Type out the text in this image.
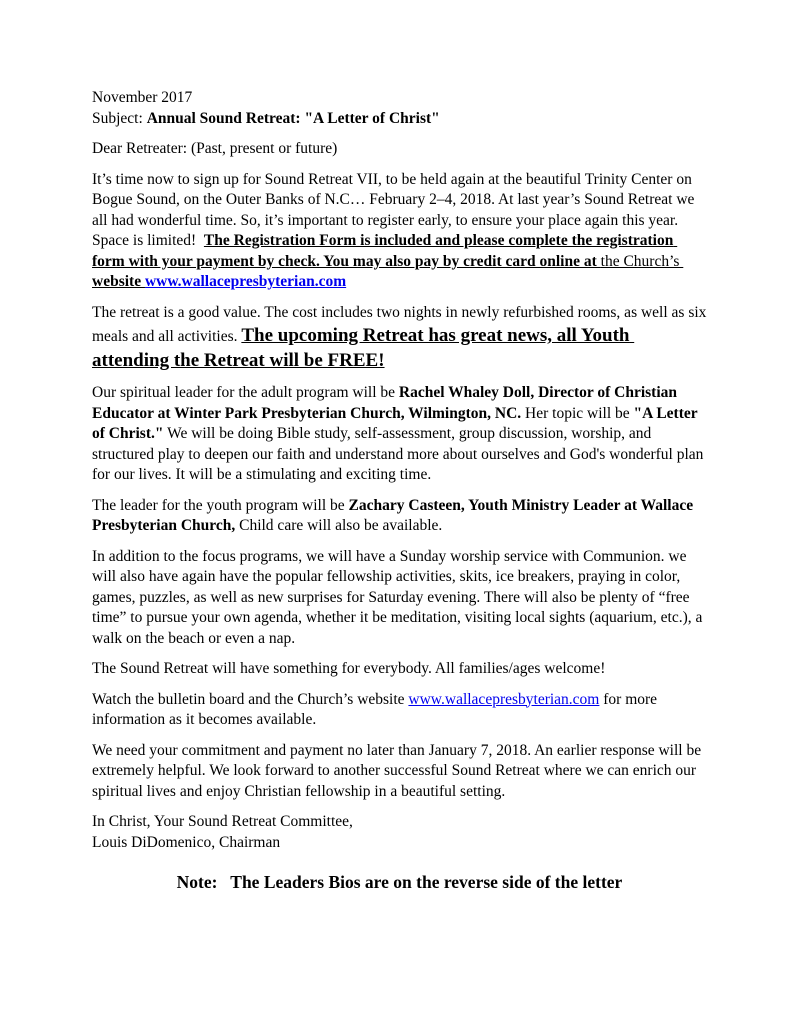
November 2017
Subject: Annual Sound Retreat: "A Letter of Christ"

Dear Retreater: (Past, present or future)

It’s time now to sign up for Sound Retreat VII, to be held again at the beautiful Trinity Center on Bogue Sound, on the Outer Banks of N.C… February 2–4, 2018. At last year’s Sound Retreat we all had wonderful time. So, it’s important to register early, to ensure your place again this year. Space is limited!  The Registration Form is included and please complete the registration form with your payment by check. You may also pay by credit card online at the Church’s website www.wallacepresbyterian.com

The retreat is a good value. The cost includes two nights in newly refurbished rooms, as well as six meals and all activities. The upcoming Retreat has great news, all Youth attending the Retreat will be FREE!

Our spiritual leader for the adult program will be Rachel Whaley Doll, Director of Christian Educator at Winter Park Presbyterian Church, Wilmington, NC. Her topic will be "A Letter of Christ." We will be doing Bible study, self-assessment, group discussion, worship, and structured play to deepen our faith and understand more about ourselves and God's wonderful plan for our lives. It will be a stimulating and exciting time.

The leader for the youth program will be Zachary Casteen, Youth Ministry Leader at Wallace Presbyterian Church, Child care will also be available.

In addition to the focus programs, we will have a Sunday worship service with Communion. we will also have again have the popular fellowship activities, skits, ice breakers, praying in color, games, puzzles, as well as new surprises for Saturday evening. There will also be plenty of “free time” to pursue your own agenda, whether it be meditation, visiting local sights (aquarium, etc.), a walk on the beach or even a nap.

The Sound Retreat will have something for everybody. All families/ages welcome!

Watch the bulletin board and the Church’s website www.wallacepresbyterian.com for more information as it becomes available.

We need your commitment and payment no later than January 7, 2018. An earlier response will be extremely helpful. We look forward to another successful Sound Retreat where we can enrich our spiritual lives and enjoy Christian fellowship in a beautiful setting.

In Christ, Your Sound Retreat Committee,
Louis DiDomenico, Chairman

Note:   The Leaders Bios are on the reverse side of the letter
